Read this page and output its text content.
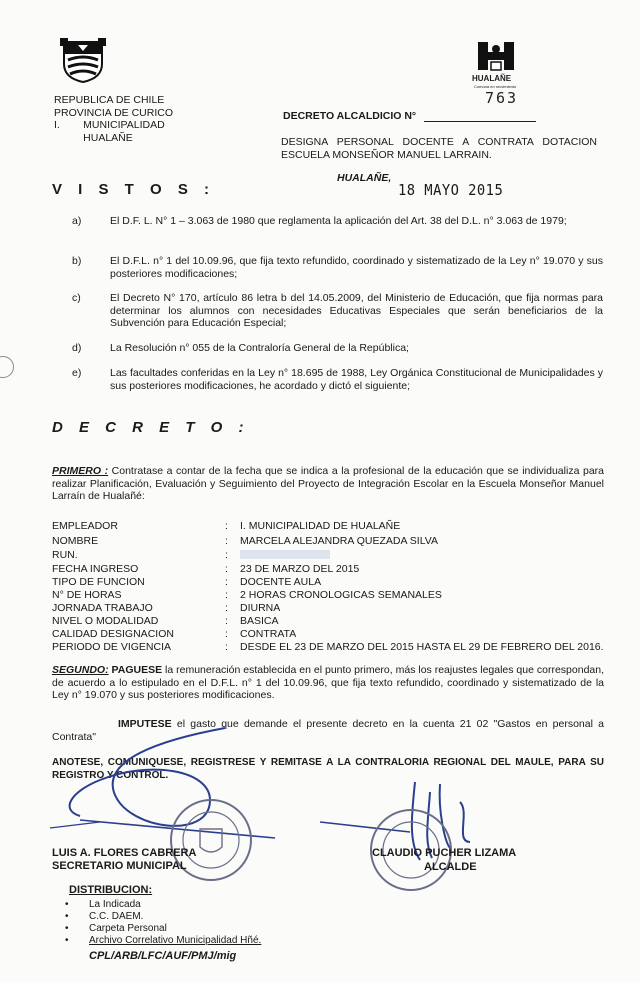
HUALAÑE
Comuna en movimiento
REPUBLICA DE CHILE
PROVINCIA DE CURICO
I.        MUNICIPALIDAD
HUALAÑE
DECRETO ALCALDICIO N°
763
DESIGNA PERSONAL DOCENTE A CONTRATA DOTACION ESCUELA MONSEÑOR MANUEL LARRAIN.
HUALAÑE,
18 MAYO 2015
V I S T O S :
a)	El D.F. L. N° 1 – 3.063 de 1980 que reglamenta la aplicación del Art. 38 del D.L. n° 3.063 de 1979;
b)	El D.F.L. n° 1 del 10.09.96, que fija texto refundido, coordinado y sistematizado de la Ley n° 19.070 y sus posteriores modificaciones;
c)	El Decreto N° 170, artículo 86 letra b del 14.05.2009, del Ministerio de Educación, que fija normas para determinar los alumnos con necesidades Educativas Especiales que serán beneficiarios de la Subvención para Educación Especial;
d)	La Resolución n° 055 de la Contraloría General de la República;
e)	Las facultades conferidas en la Ley n° 18.695 de 1988, Ley Orgánica Constitucional de Municipalidades y sus posteriores modificaciones, he acordado y dictó el siguiente;
D E C R E T O :
PRIMERO : Contratase a contar de la fecha que se indica a la profesional de la educación que se individualiza para realizar Planificación, Evaluación y Seguimiento del Proyecto de Integración Escolar en la Escuela Monseñor Manuel Larraín de Hualañé:
EMPLEADOR	: I. MUNICIPALIDAD DE HUALAÑE
NOMBRE	: MARCELA ALEJANDRA QUEZADA SILVA
RUN.	:
FECHA INGRESO	: 23 DE MARZO DEL 2015
TIPO DE FUNCION	: DOCENTE AULA
N° DE HORAS	: 2 HORAS CRONOLOGICAS SEMANALES
JORNADA TRABAJO	: DIURNA
NIVEL O MODALIDAD	: BASICA
CALIDAD DESIGNACION	: CONTRATA
PERIODO DE VIGENCIA	: DESDE EL 23 DE MARZO DEL 2015 HASTA EL 29 DE FEBRERO DEL 2016.
SEGUNDO: PAGUESE la remuneración establecida en el punto primero, más los reajustes legales que correspondan, de acuerdo a lo estipulado en el D.F.L. n° 1 del 10.09.96, que fija texto refundido, coordinado y sistematizado de la Ley n° 19.070 y sus posteriores modificaciones.
IMPUTESE el gasto que demande el presente decreto en la cuenta 21 02 "Gastos en personal a Contrata"
ANOTESE, COMUNIQUESE, REGISTRESE Y REMITASE A LA CONTRALORIA REGIONAL DEL MAULE, PARA SU REGISTRO Y CONTROL.
LUIS A. FLORES CABRERA
SECRETARIO MUNICIPAL
CLAUDIO PUCHER LIZAMA
ALCALDE
DISTRIBUCION:
• La Indicada
• C.C. DAEM.
• Carpeta Personal
• Archivo Correlativo Municipalidad Hñé.
CPL/ARB/LFC/AUF/PMJ/mig
